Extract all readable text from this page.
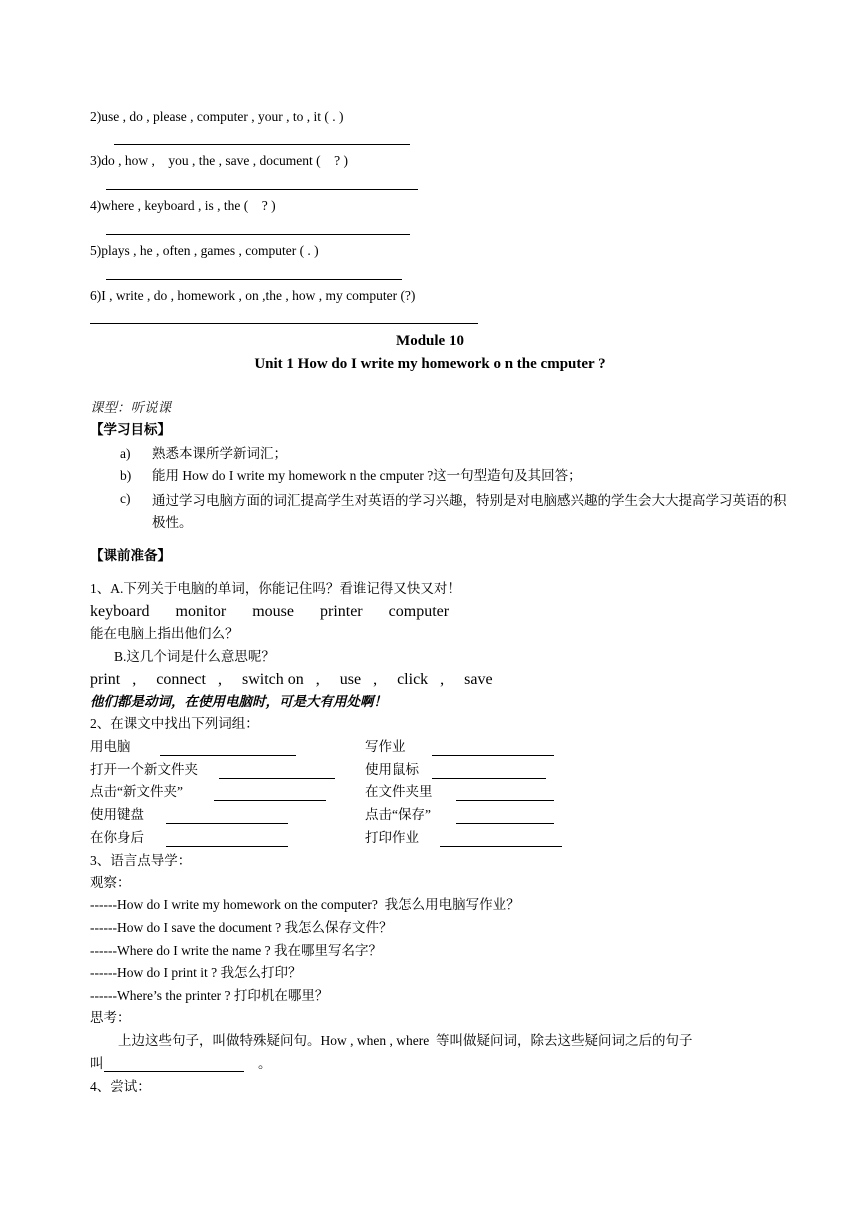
2)use , do , please , computer , your , to , it ( . )
3)do , how ,    you , the , save , document (    ? )
4)where , keyboard , is , the (    ? )
5)plays , he , often , games , computer ( . )
6)I , write , do , homework , on ,the , how , my computer (?)
Module 10
Unit 1 How do I write my homework o n the cmputer ?
课型：听说课
【学习目标】
a) 熟悉本课所学新词汇；
b) 能用 How do I write my homework n the cmputer ?这一句型造句及其回答；
c) 通过学习电脑方面的词汇提高学生对英语的学习兴趣，特别是对电脑感兴趣的学生会大大提高学习英语的积极性。
【课前准备】
1、A.下列关于电脑的单词，你能记住吗？看谁记得又快又对！
keyboard monitor mouse printer computer
能在电脑上指出他们么？
B.这几个词是什么意思呢？
print   , connect   , switch on   , use   , click   , save
他们都是动词，在使用电脑时，可是大有用处啊！
2、在课文中找出下列词组：
用电脑	写作业
打开一个新文件夹	使用鼠标
点击“新文件夹”	在文件夹里
使用键盘	点击“保存”
在你身后	打印作业
3、语言点导学：
观察：
------How do I write my homework on the computer?  我怎么用电脑写作业？
------How do I save the document ? 我怎么保存文件？
------Where do I write the name ? 我在哪里写名字？
------How do I print it ? 我怎么打印？
------Where’s the printer ? 打印机在哪里？
思考：
上边这些句子，叫做特殊疑问句。How , when , where  等叫做疑问词，除去这些疑问词之后的句子
叫	。
4、尝试：
